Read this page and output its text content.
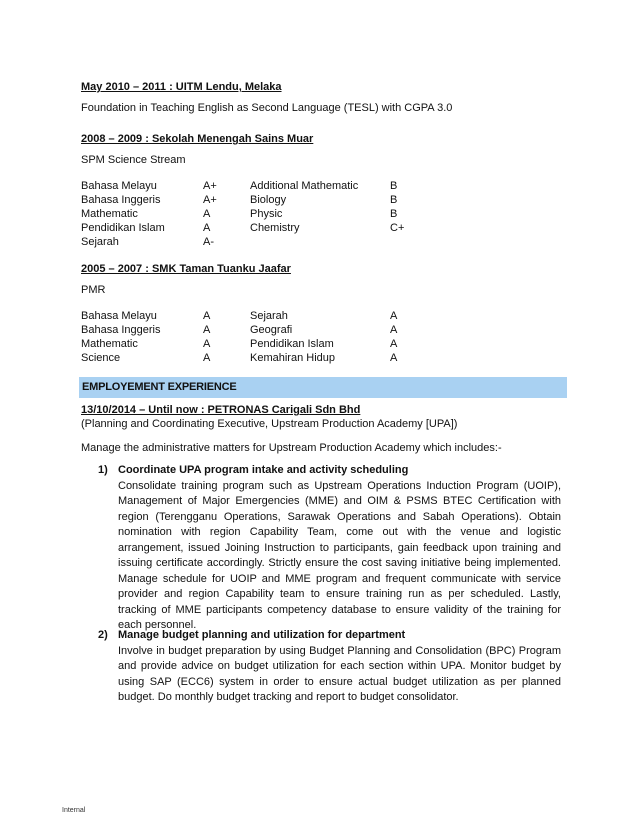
May 2010 – 2011 : UITM Lendu, Melaka
Foundation in Teaching English as Second Language (TESL) with CGPA 3.0
2008 – 2009 : Sekolah Menengah Sains Muar
SPM Science Stream
Bahasa Melayu	A+	Additional Mathematic	B
Bahasa Inggeris	A+	Biology	B
Mathematic	A	Physic	B
Pendidikan Islam	A	Chemistry	C+
Sejarah	A-		
2005 – 2007 : SMK Taman Tuanku Jaafar
PMR
Bahasa Melayu	A	Sejarah	A
Bahasa Inggeris	A	Geografi	A
Mathematic	A	Pendidikan Islam	A
Science	A	Kemahiran Hidup	A
EMPLOYEMENT EXPERIENCE
13/10/2014 – Until now : PETRONAS Carigali Sdn Bhd
(Planning and Coordinating Executive, Upstream Production Academy [UPA])
Manage the administrative matters for Upstream Production Academy which includes:-
1) Coordinate UPA program intake and activity scheduling
Consolidate training program such as Upstream Operations Induction Program (UOIP), Management of Major Emergencies (MME) and OIM & PSMS BTEC Certification with region (Terengganu Operations, Sarawak Operations and Sabah Operations). Obtain nomination with region Capability Team, come out with the venue and logistic arrangement, issued Joining Instruction to participants, gain feedback upon training and issuing certificate accordingly. Strictly ensure the cost saving initiative being implemented. Manage schedule for UOIP and MME program and frequent communicate with service provider and region Capability team to ensure training run as per scheduled. Lastly, tracking of MME participants competency database to ensure validity of the training for each personnel.
2) Manage budget planning and utilization for department
Involve in budget preparation by using Budget Planning and Consolidation (BPC) Program and provide advice on budget utilization for each section within UPA. Monitor budget by using SAP (ECC6) system in order to ensure actual budget utilization as per planned budget. Do monthly budget tracking and report to budget consolidator.
Internal
